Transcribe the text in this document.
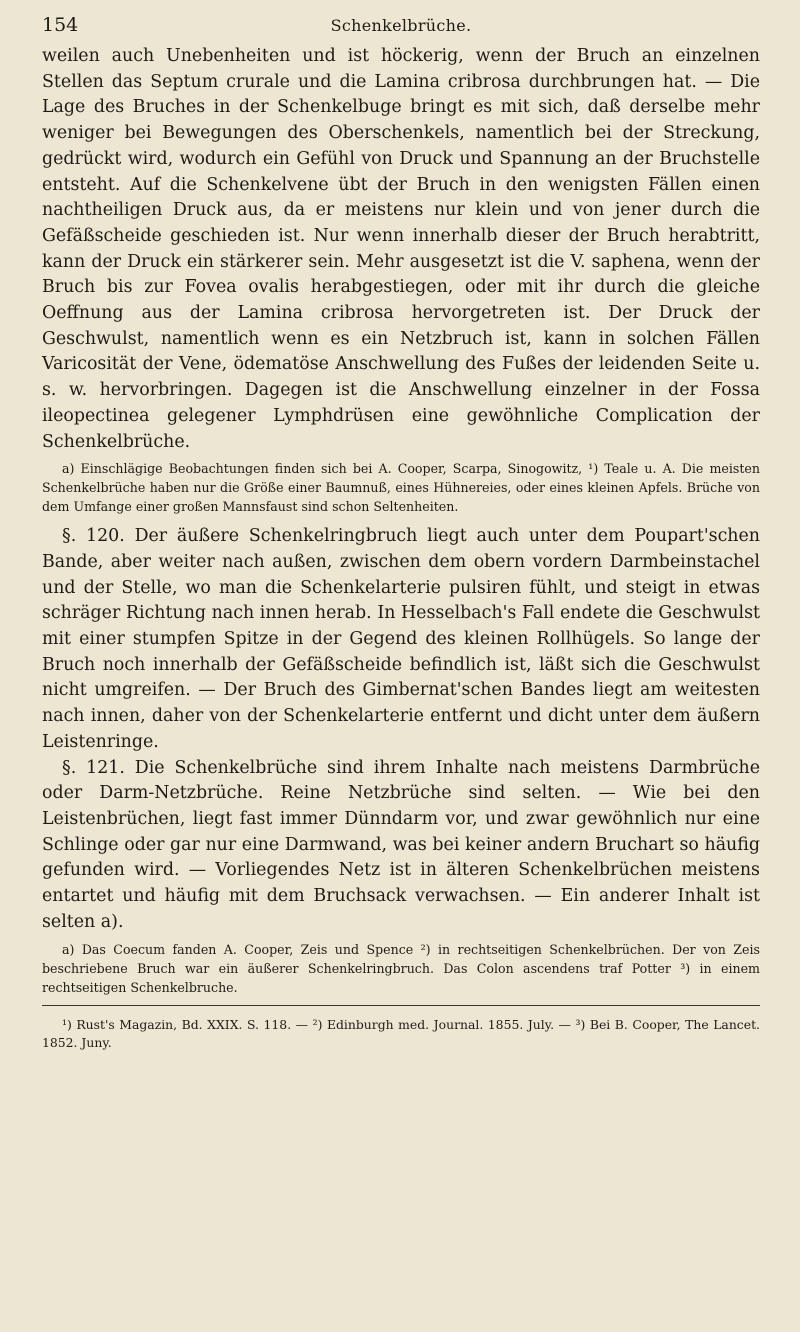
154	Schenkelbrüche.

weilen auch Unebenheiten und ist höckerig, wenn der Bruch an einzelnen Stellen das Septum crurale und die Lamina cribrosa durchbrungen hat. — Die Lage des Bruches in der Schenkelbuge bringt es mit sich, daß derselbe mehr weniger bei Bewegungen des Oberschenkels, namentlich bei der Streckung, gedrückt wird, wodurch ein Gefühl von Druck und Spannung an der Bruchstelle entsteht. Auf die Schenkelvene übt der Bruch in den wenigsten Fällen einen nachtheiligen Druck aus, da er meistens nur klein und von jener durch die Gefäßscheide geschieden ist. Nur wenn innerhalb dieser der Bruch herabtritt, kann der Druck ein stärkerer sein. Mehr ausgesetzt ist die V. saphena, wenn der Bruch bis zur Fovea ovalis herabgestiegen, oder mit ihr durch die gleiche Oeffnung aus der Lamina cribrosa hervorgetreten ist. Der Druck der Geschwulst, namentlich wenn es ein Netzbruch ist, kann in solchen Fällen Varicosität der Vene, ödematöse Anschwellung des Fußes der leidenden Seite u. s. w. hervorbringen. Dagegen ist die Anschwellung einzelner in der Fossa ileopectinea gelegener Lymphdrüsen eine gewöhnliche Complication der Schenkelbrüche.

a) Einschlägige Beobachtungen finden sich bei A. Cooper, Scarpa, Sinogowitz, ¹) Teale u. A. Die meisten Schenkelbrüche haben nur die Größe einer Baumnuß, eines Hühnereies, oder eines kleinen Apfels. Brüche von dem Umfange einer großen Mannsfaust sind schon Seltenheiten.

§. 120. Der äußere Schenkelringbruch liegt auch unter dem Poupart'schen Bande, aber weiter nach außen, zwischen dem obern vordern Darmbeinstachel und der Stelle, wo man die Schenkelarterie pulsiren fühlt, und steigt in etwas schräger Richtung nach innen herab. In Hesselbach's Fall endete die Geschwulst mit einer stumpfen Spitze in der Gegend des kleinen Rollhügels. So lange der Bruch noch innerhalb der Gefäßscheide befindlich ist, läßt sich die Geschwulst nicht umgreifen. — Der Bruch des Gimbernat'schen Bandes liegt am weitesten nach innen, daher von der Schenkelarterie entfernt und dicht unter dem äußern Leistenringe.

§. 121. Die Schenkelbrüche sind ihrem Inhalte nach meistens Darmbrüche oder Darm-Netzbrüche. Reine Netzbrüche sind selten. — Wie bei den Leistenbrüchen, liegt fast immer Dünndarm vor, und zwar gewöhnlich nur eine Schlinge oder gar nur eine Darmwand, was bei keiner andern Bruchart so häufig gefunden wird. — Vorliegendes Netz ist in älteren Schenkelbrüchen meistens entartet und häufig mit dem Bruchsack verwachsen. — Ein anderer Inhalt ist selten a).

a) Das Coecum fanden A. Cooper, Zeis und Spence ²) in rechtseitigen Schenkelbrüchen. Der von Zeis beschriebene Bruch war ein äußerer Schenkelringbruch. Das Colon ascendens traf Potter ³) in einem rechtseitigen Schenkelbruche.

¹) Rust's Magazin, Bd. XXIX. S. 118. — ²) Edinburgh med. Journal. 1855. July. — ³) Bei B. Cooper, The Lancet. 1852. Juny.
